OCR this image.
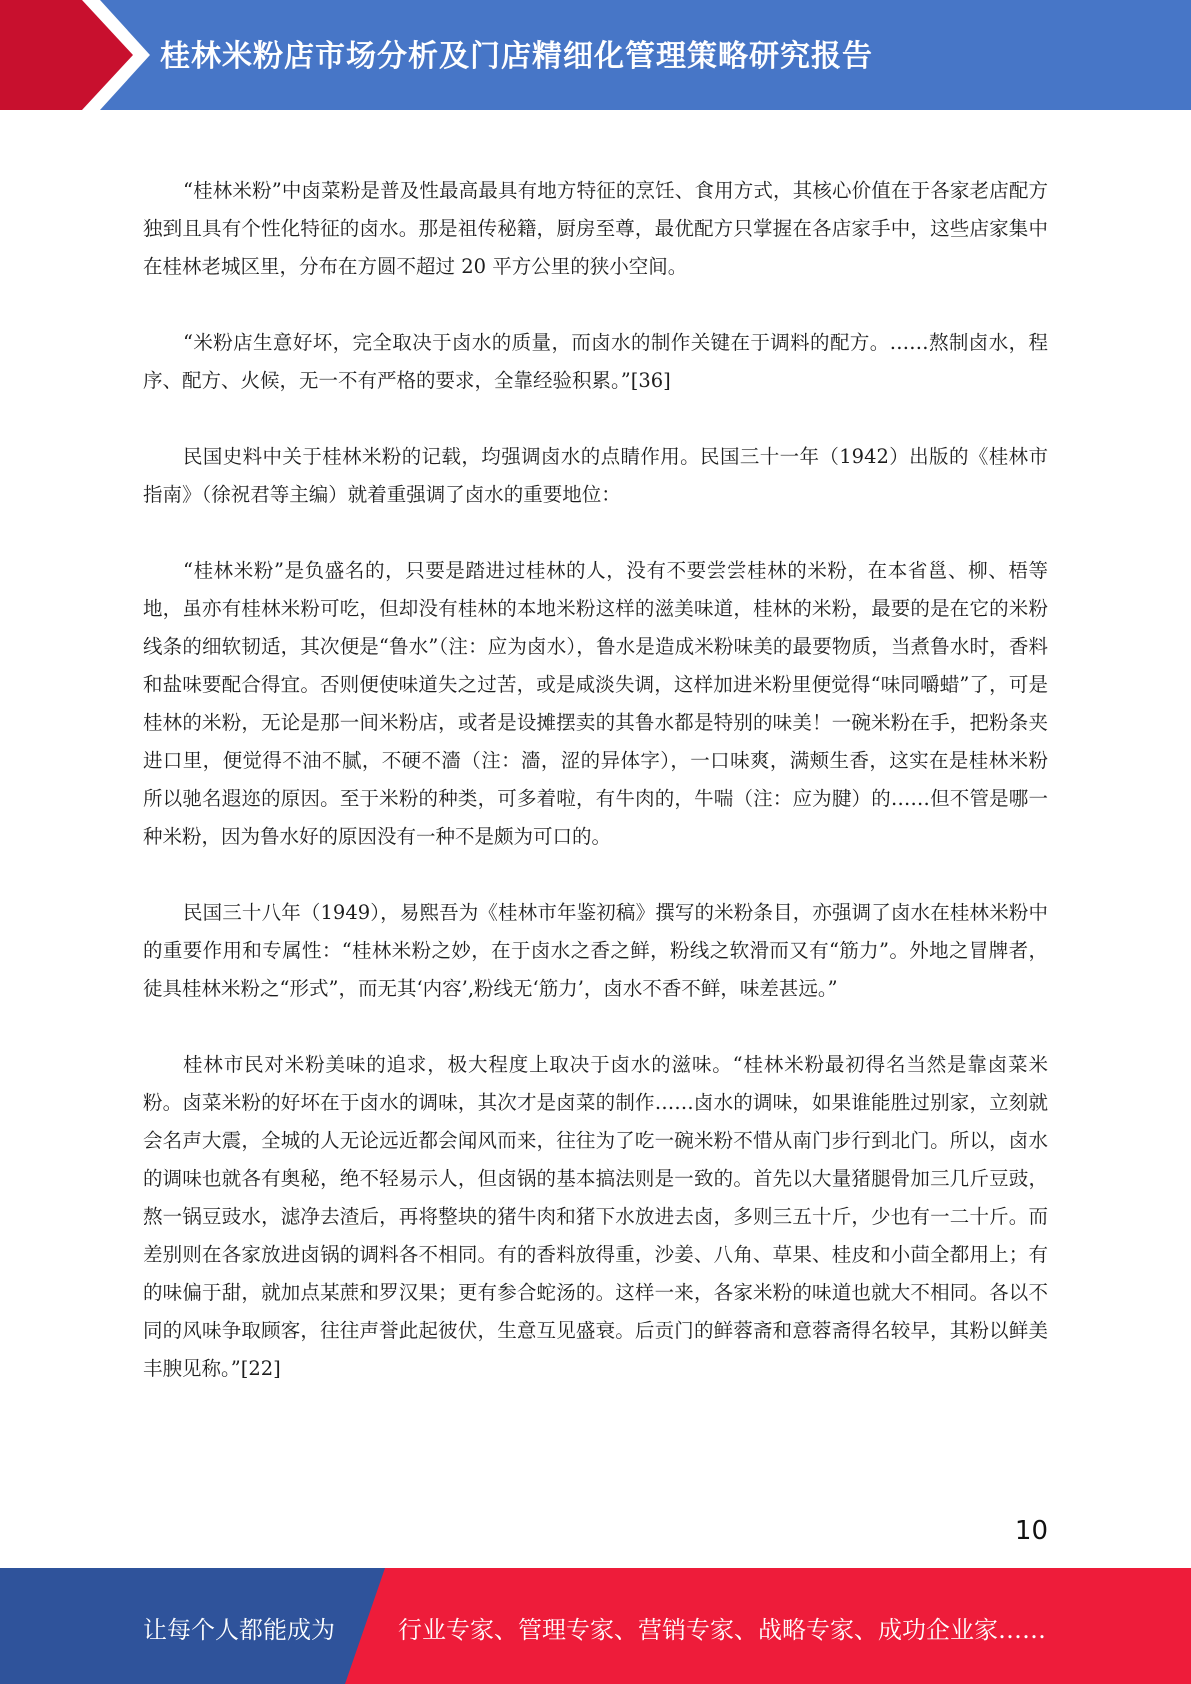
桂林米粉店市场分析及门店精细化管理策略研究报告

“桂林米粉”中卤菜粉是普及性最高最具有地方特征的烹饪、食用方式，其核心价值在于各家老店配方独到且具有个性化特征的卤水。那是祖传秘籍，厨房至尊，最优配方只掌握在各店家手中，这些店家集中在桂林老城区里，分布在方圆不超过 20 平方公里的狭小空间。

“米粉店生意好坏，完全取决于卤水的质量，而卤水的制作关键在于调料的配方。……熬制卤水，程序、配方、火候，无一不有严格的要求，全靠经验积累。”[36]

民国史料中关于桂林米粉的记载，均强调卤水的点睛作用。民国三十一年（1942）出版的《桂林市指南》（徐祝君等主编）就着重强调了卤水的重要地位：

“桂林米粉”是负盛名的，只要是踏进过桂林的人，没有不要尝尝桂林的米粉，在本省邕、柳、梧等地，虽亦有桂林米粉可吃，但却没有桂林的本地米粉这样的滋美味道，桂林的米粉，最要的是在它的米粉线条的细软韧适，其次便是“鲁水”（注：应为卤水），鲁水是造成米粉味美的最要物质，当煮鲁水时，香料和盐味要配合得宜。否则便使味道失之过苦，或是咸淡失调，这样加进米粉里便觉得“味同嚼蜡”了，可是桂林的米粉，无论是那一间米粉店，或者是设摊摆卖的其鲁水都是特别的味美！一碗米粉在手，把粉条夹进口里，便觉得不油不腻，不硬不濇（注：濇，涩的异体字），一口味爽，满颊生香，这实在是桂林米粉所以驰名遐迩的原因。至于米粉的种类，可多着啦，有牛肉的，牛喘（注：应为腱）的……但不管是哪一种米粉，因为鲁水好的原因没有一种不是颇为可口的。

民国三十八年（1949），易熙吾为《桂林市年鉴初稿》撰写的米粉条目，亦强调了卤水在桂林米粉中的重要作用和专属性：“桂林米粉之妙，在于卤水之香之鲜，粉线之软滑而又有“筋力”。外地之冒牌者，徒具桂林米粉之“形式”，而无其‘内容’,粉线无‘筋力’，卤水不香不鲜，味差甚远。”

桂林市民对米粉美味的追求，极大程度上取决于卤水的滋味。“桂林米粉最初得名当然是靠卤菜米粉。卤菜米粉的好坏在于卤水的调味，其次才是卤菜的制作……卤水的调味，如果谁能胜过别家，立刻就会名声大震，全城的人无论远近都会闻风而来，往往为了吃一碗米粉不惜从南门步行到北门。所以，卤水的调味也就各有奥秘，绝不轻易示人，但卤锅的基本搞法则是一致的。首先以大量猪腿骨加三几斤豆豉，熬一锅豆豉水，滤净去渣后，再将整块的猪牛肉和猪下水放进去卤，多则三五十斤，少也有一二十斤。而差别则在各家放进卤锅的调料各不相同。有的香料放得重，沙姜、八角、草果、桂皮和小茴全都用上；有的味偏于甜，就加点某蔗和罗汉果；更有参合蛇汤的。这样一来，各家米粉的味道也就大不相同。各以不同的风味争取顾客，往往声誉此起彼伏，生意互见盛衰。后贡门的鲜蓉斋和意蓉斋得名较早，其粉以鲜美丰腴见称。”[22]

10
让每个人都能成为	行业专家、管理专家、营销专家、战略专家、成功企业家……
